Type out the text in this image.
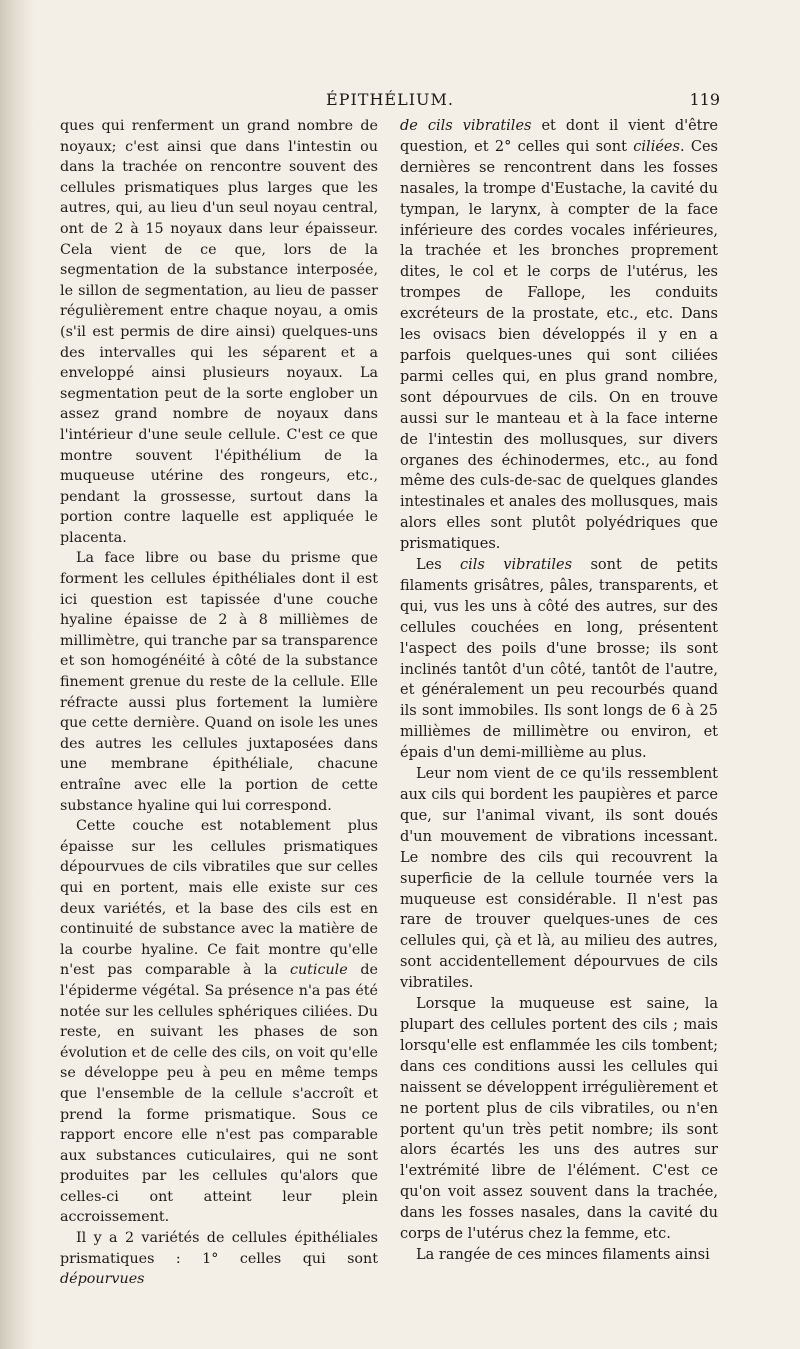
ÉPITHÉLIUM.	119

ques qui renferment un grand nombre de noyaux; c'est ainsi que dans l'intestin ou dans la trachée on rencontre souvent des cellules prismatiques plus larges que les autres, qui, au lieu d'un seul noyau central, ont de 2 à 15 noyaux dans leur épaisseur. Cela vient de ce que, lors de la segmentation de la substance interposée, le sillon de segmentation, au lieu de passer régulièrement entre chaque noyau, a omis (s'il est permis de dire ainsi) quelques-uns des intervalles qui les séparent et a enveloppé ainsi plusieurs noyaux. La segmentation peut de la sorte englober un assez grand nombre de noyaux dans l'intérieur d'une seule cellule. C'est ce que montre souvent l'épithélium de la muqueuse utérine des rongeurs, etc., pendant la grossesse, surtout dans la portion contre laquelle est appliquée le placenta.

La face libre ou base du prisme que forment les cellules épithéliales dont il est ici question est tapissée d'une couche hyaline épaisse de 2 à 8 millièmes de millimètre, qui tranche par sa transparence et son homogénéité à côté de la substance finement grenue du reste de la cellule. Elle réfracte aussi plus fortement la lumière que cette dernière. Quand on isole les unes des autres les cellules juxtaposées dans une membrane épithéliale, chacune entraîne avec elle la portion de cette substance hyaline qui lui correspond.

Cette couche est notablement plus épaisse sur les cellules prismatiques dépourvues de cils vibratiles que sur celles qui en portent, mais elle existe sur ces deux variétés, et la base des cils est en continuité de substance avec la matière de la courbe hyaline. Ce fait montre qu'elle n'est pas comparable à la cuticule de l'épiderme végétal. Sa présence n'a pas été notée sur les cellules sphériques ciliées. Du reste, en suivant les phases de son évolution et de celle des cils, on voit qu'elle se développe peu à peu en même temps que l'ensemble de la cellule s'accroît et prend la forme prismatique. Sous ce rapport encore elle n'est pas comparable aux substances cuticulaires, qui ne sont produites par les cellules qu'alors que celles-ci ont atteint leur plein accroissement.

Il y a 2 variétés de cellules épithéliales prismatiques : 1° celles qui sont dépourvues

de cils vibratiles et dont il vient d'être question, et 2° celles qui sont ciliées. Ces dernières se rencontrent dans les fosses nasales, la trompe d'Eustache, la cavité du tympan, le larynx, à compter de la face inférieure des cordes vocales inférieures, la trachée et les bronches proprement dites, le col et le corps de l'utérus, les trompes de Fallope, les conduits excréteurs de la prostate, etc., etc. Dans les ovisacs bien développés il y en a parfois quelques-unes qui sont ciliées parmi celles qui, en plus grand nombre, sont dépourvues de cils. On en trouve aussi sur le manteau et à la face interne de l'intestin des mollusques, sur divers organes des échinodermes, etc., au fond même des culs-de-sac de quelques glandes intestinales et anales des mollusques, mais alors elles sont plutôt polyédriques que prismatiques.

Les cils vibratiles sont de petits filaments grisâtres, pâles, transparents, et qui, vus les uns à côté des autres, sur des cellules couchées en long, présentent l'aspect des poils d'une brosse; ils sont inclinés tantôt d'un côté, tantôt de l'autre, et généralement un peu recourbés quand ils sont immobiles. Ils sont longs de 6 à 25 millièmes de millimètre ou environ, et épais d'un demi-millième au plus.

Leur nom vient de ce qu'ils ressemblent aux cils qui bordent les paupières et parce que, sur l'animal vivant, ils sont doués d'un mouvement de vibrations incessant. Le nombre des cils qui recouvrent la superficie de la cellule tournée vers la muqueuse est considérable. Il n'est pas rare de trouver quelques-unes de ces cellules qui, çà et là, au milieu des autres, sont accidentellement dépourvues de cils vibratiles.

Lorsque la muqueuse est saine, la plupart des cellules portent des cils ; mais lorsqu'elle est enflammée les cils tombent; dans ces conditions aussi les cellules qui naissent se développent irrégulièrement et ne portent plus de cils vibratiles, ou n'en portent qu'un très petit nombre; ils sont alors écartés les uns des autres sur l'extrémité libre de l'élément. C'est ce qu'on voit assez souvent dans la trachée, dans les fosses nasales, dans la cavité du corps de l'utérus chez la femme, etc.

La rangée de ces minces filaments ainsi
